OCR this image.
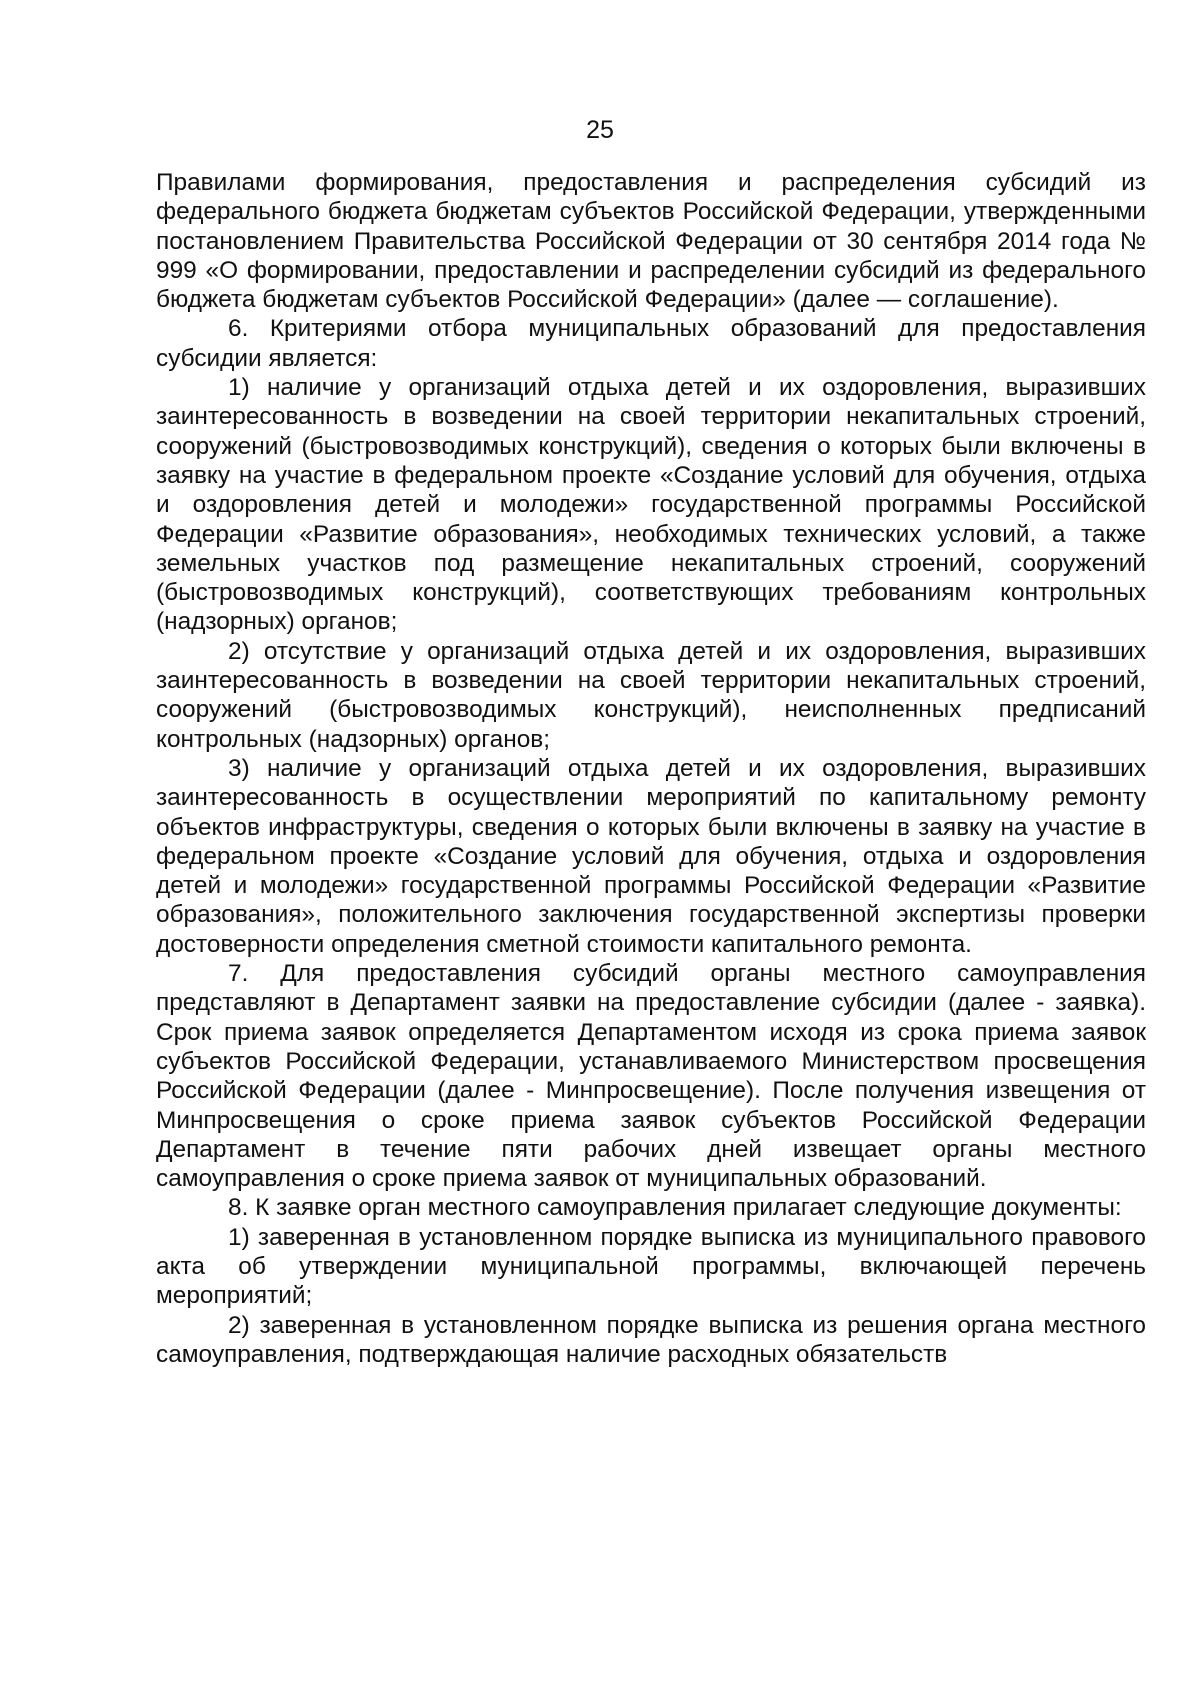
25

Правилами формирования, предоставления и распределения субсидий из федерального бюджета бюджетам субъектов Российской Федерации, утвержденными постановлением Правительства Российской Федерации от 30 сентября 2014 года № 999 «О формировании, предоставлении и распределении субсидий из федерального бюджета бюджетам субъектов Российской Федерации» (далее — соглашение).

6. Критериями отбора муниципальных образований для предоставления субсидии является:

1) наличие у организаций отдыха детей и их оздоровления, выразивших заинтересованность в возведении на своей территории некапитальных строений, сооружений (быстровозводимых конструкций), сведения о которых были включены в заявку на участие в федеральном проекте «Создание условий для обучения, отдыха и оздоровления детей и молодежи» государственной программы Российской Федерации «Развитие образования», необходимых технических условий, а также земельных участков под размещение некапитальных строений, сооружений (быстровозводимых конструкций), соответствующих требованиям контрольных (надзорных) органов;

2) отсутствие у организаций отдыха детей и их оздоровления, выразивших заинтересованность в возведении на своей территории некапитальных строений, сооружений (быстровозводимых конструкций), неисполненных предписаний контрольных (надзорных) органов;

3) наличие у организаций отдыха детей и их оздоровления, выразивших заинтересованность в осуществлении мероприятий по капитальному ремонту объектов инфраструктуры, сведения о которых были включены в заявку на участие в федеральном проекте «Создание условий для обучения, отдыха и оздоровления детей и молодежи» государственной программы Российской Федерации «Развитие образования», положительного заключения государственной экспертизы проверки достоверности определения сметной стоимости капитального ремонта.

7. Для предоставления субсидий органы местного самоуправления представляют в Департамент заявки на предоставление субсидии (далее - заявка). Срок приема заявок определяется Департаментом исходя из срока приема заявок субъектов Российской Федерации, устанавливаемого Министерством просвещения Российской Федерации (далее - Минпросвещение). После получения извещения от Минпросвещения о сроке приема заявок субъектов Российской Федерации Департамент в течение пяти рабочих дней извещает органы местного самоуправления о сроке приема заявок от муниципальных образований.

8. К заявке орган местного самоуправления прилагает следующие документы:

1) заверенная в установленном порядке выписка из муниципального правового акта об утверждении муниципальной программы, включающей перечень мероприятий;

2) заверенная в установленном порядке выписка из решения органа местного самоуправления, подтверждающая наличие расходных обязательств
